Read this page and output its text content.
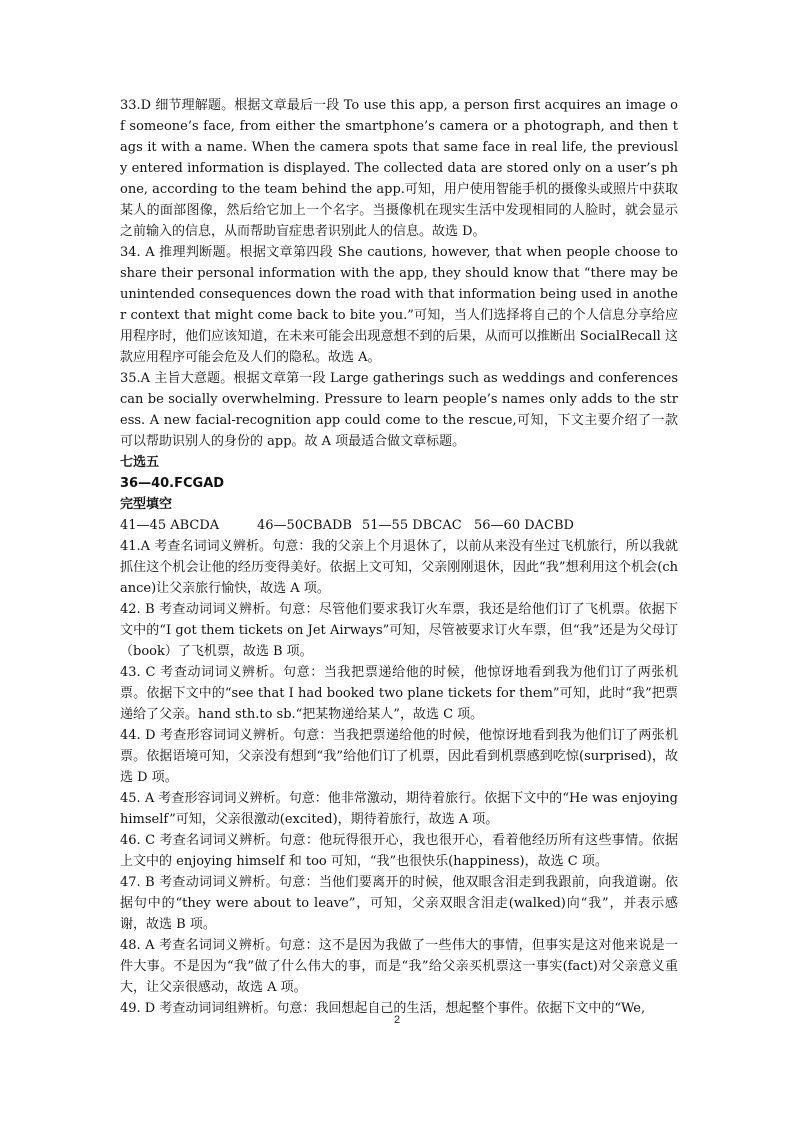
33.D 细节理解题。根据文章最后一段 To use this app, a person first acquires an image of someone’s face, from either the smartphone’s camera or a photograph, and then tags it with a name. When the camera spots that same face in real life, the previously entered information is displayed. The collected data are stored only on a user’s phone, according to the team behind the app.可知，用户使用智能手机的摄像头或照片中获取某人的面部图像，然后给它加上一个名字。当摄像机在现实生活中发现相同的人脸时，就会显示之前输入的信息，从而帮助盲症患者识别此人的信息。故选 D。

34. A 推理判断题。根据文章第四段 She cautions, however, that when people choose to share their personal information with the app, they should know that “there may be unintended consequences down the road with that information being used in another context that might come back to bite you.”可知，当人们选择将自己的个人信息分享给应用程序时，他们应该知道，在未来可能会出现意想不到的后果，从而可以推断出 SocialRecall 这款应用程序可能会危及人们的隐私。故选 A。

35.A 主旨大意题。根据文章第一段 Large gatherings such as weddings and conferences can be socially overwhelming. Pressure to learn people’s names only adds to the stress. A new facial-recognition app could come to the rescue,可知，下文主要介绍了一款可以帮助识别人的身份的 app。故 A 项最适合做文章标题。

七选五

36—40.FCGAD

完型填空

41—45 ABCDA	46—50CBADB 51—55 DBCAC 56—60 DACBD

41.A 考查名词词义辨析。句意：我的父亲上个月退休了，以前从来没有坐过飞机旅行，所以我就抓住这个机会让他的经历变得美好。依据上文可知，父亲刚刚退休，因此“我”想利用这个机会(chance)让父亲旅行愉快，故选 A 项。

42. B 考查动词词义辨析。句意：尽管他们要求我订火车票，我还是给他们订了飞机票。依据下文中的“I got them tickets on Jet Airways”可知，尽管被要求订火车票，但“我”还是为父母订（book）了飞机票，故选 B 项。

43. C 考查动词词义辨析。句意：当我把票递给他的时候，他惊讶地看到我为他们订了两张机票。依据下文中的“see that I had booked two plane tickets for them”可知，此时“我”把票递给了父亲。hand sth.to sb.“把某物递给某人”，故选 C 项。

44. D 考查形容词词义辨析。句意：当我把票递给他的时候，他惊讶地看到我为他们订了两张机票。依据语境可知，父亲没有想到“我”给他们订了机票，因此看到机票感到吃惊(surprised)，故选 D 项。

45. A 考查形容词词义辨析。句意：他非常激动，期待着旅行。依据下文中的“He was enjoying himself”可知，父亲很激动(excited)，期待着旅行，故选 A 项。

46. C 考查名词词义辨析。句意：他玩得很开心，我也很开心，看着他经历所有这些事情。依据上文中的 enjoying himself 和 too 可知，“我”也很快乐(happiness)，故选 C 项。

47. B 考查动词词义辨析。句意：当他们要离开的时候，他双眼含泪走到我跟前，向我道谢。依据句中的“they were about to leave”，可知，父亲双眼含泪走(walked)向“我”，并表示感谢，故选 B 项。

48. A 考查名词词义辨析。句意：这不是因为我做了一些伟大的事情，但事实是这对他来说是一件大事。不是因为“我”做了什么伟大的事，而是“我”给父亲买机票这一事实(fact)对父亲意义重大，让父亲很感动，故选 A 项。

49. D 考查动词词组辨析。句意：我回想起自己的生活，想起整个事件。依据下文中的“We,

2
